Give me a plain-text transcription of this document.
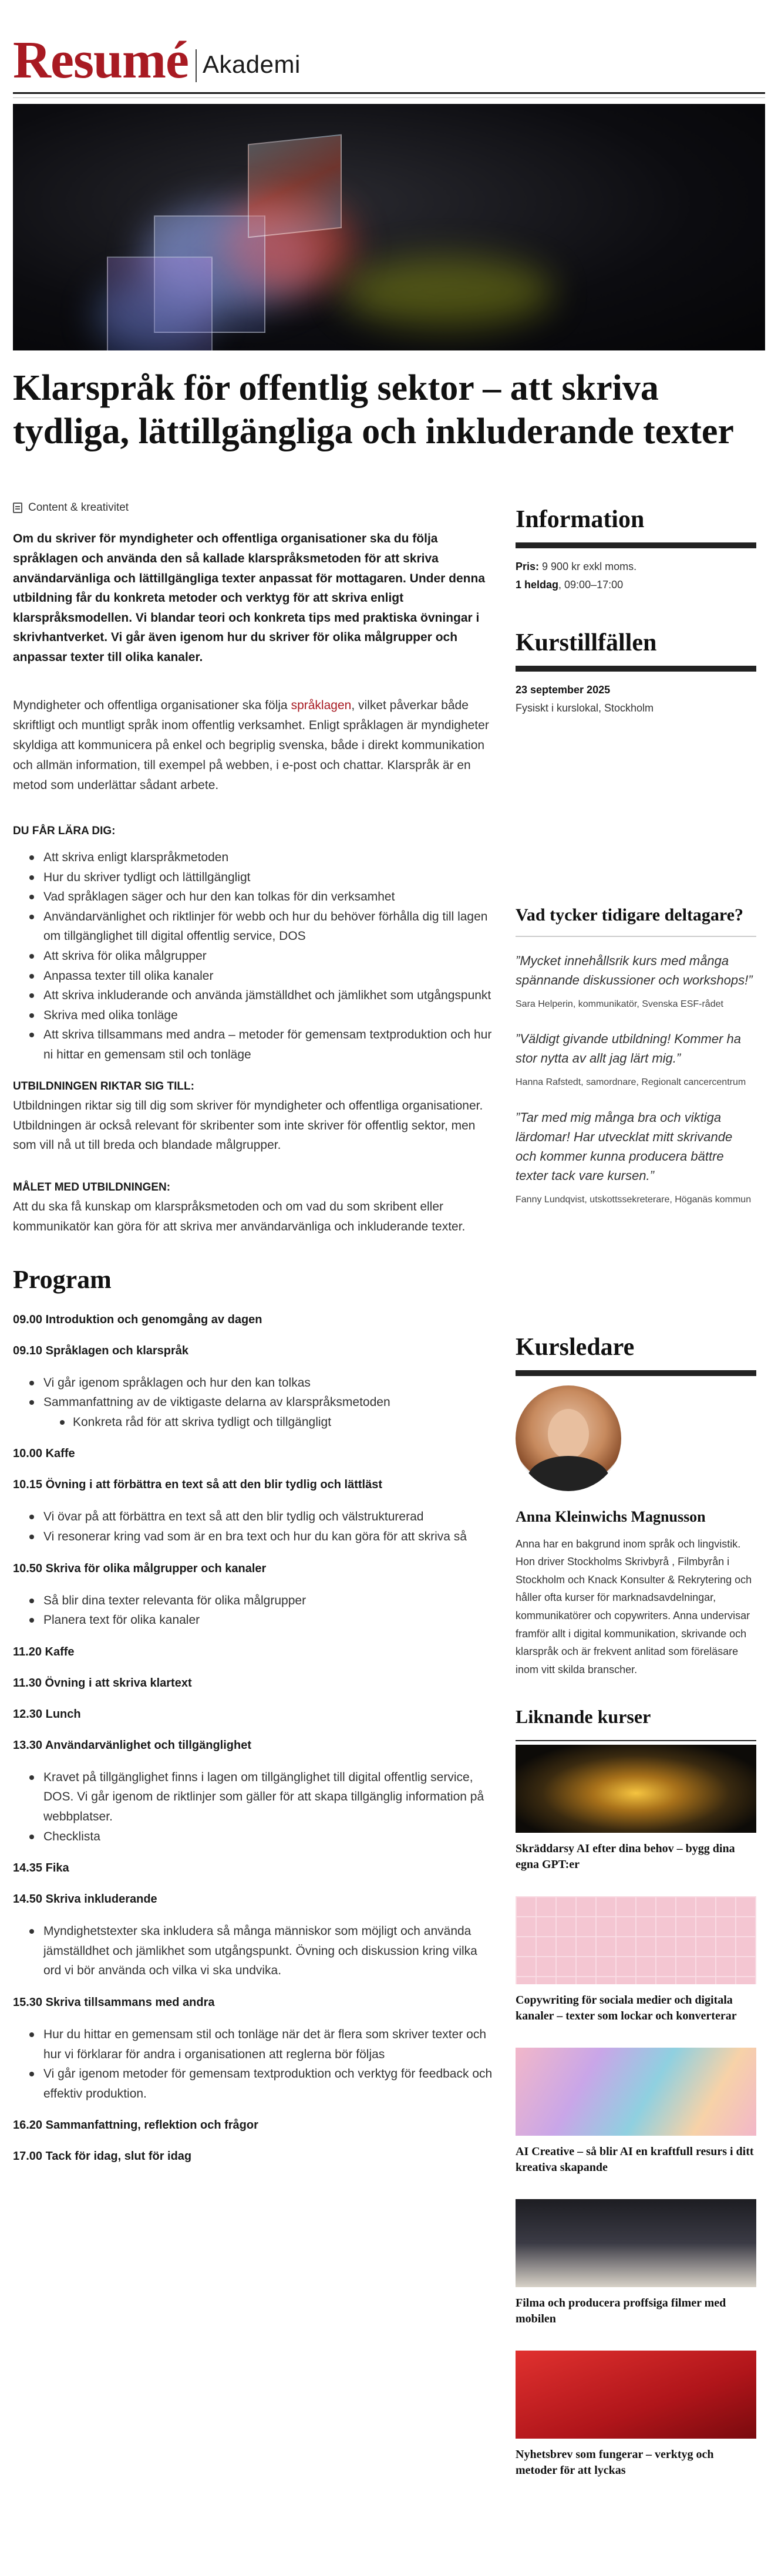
Resumé Akademi
Klarspråk för offentlig sektor – att skriva tydliga, lättillgängliga och inkluderande texter
Content & kreativitet

Om du skriver för myndigheter och offentliga organisationer ska du följa språklagen och använda den så kallade klarspråksmetoden för att skriva användarvänliga och lättillgängliga texter anpassat för mottagaren. Under denna utbildning får du konkreta metoder och verktyg för att skriva enligt klarspråksmodellen. Vi blandar teori och konkreta tips med praktiska övningar i skrivhantverket. Vi går även igenom hur du skriver för olika målgrupper och anpassar texter till olika kanaler.

Myndigheter och offentliga organisationer ska följa språklagen, vilket påverkar både skriftligt och muntligt språk inom offentlig verksamhet. Enligt språklagen är myndigheter skyldiga att kommunicera på enkel och begriplig svenska, både i direkt kommunikation och allmän information, till exempel på webben, i e-post och chattar. Klarspråk är en metod som underlättar sådant arbete.

DU FÅR LÄRA DIG:
Att skriva enligt klarspråkmetoden
Hur du skriver tydligt och lättillgängligt
Vad språklagen säger och hur den kan tolkas för din verksamhet
Användarvänlighet och riktlinjer för webb och hur du behöver förhålla dig till lagen om tillgänglighet till digital offentlig service, DOS
Att skriva för olika målgrupper
Anpassa texter till olika kanaler
Att skriva inkluderande och använda jämställdhet och jämlikhet som utgångspunkt
Skriva med olika tonläge
Att skriva tillsammans med andra – metoder för gemensam textproduktion och hur ni hittar en gemensam stil och tonläge
UTBILDNINGEN RIKTAR SIG TILL:

Utbildningen riktar sig till dig som skriver för myndigheter och offentliga organisationer. Utbildningen är också relevant för skribenter som inte skriver för offentlig sektor, men som vill nå ut till breda och blandade målgrupper.

MÅLET MED UTBILDNINGEN:

Att du ska få kunskap om klarspråksmetoden och om vad du som skribent eller kommunikatör kan göra för att skriva mer användarvänliga och inkluderande texter.

Program
09.00 Introduktion och genomgång av dagen
09.10 Språklagen och klarspråk
Vi går igenom språklagen och hur den kan tolkas
Sammanfattning av de viktigaste delarna av klarspråksmetoden
Konkreta råd för att skriva tydligt och tillgängligt
10.00 Kaffe
10.15 Övning i att förbättra en text så att den blir tydlig och lättläst
Vi övar på att förbättra en text så att den blir tydlig och välstrukturerad
Vi resonerar kring vad som är en bra text och hur du kan göra för att skriva så
10.50 Skriva för olika målgrupper och kanaler
Så blir dina texter relevanta för olika målgrupper
Planera text för olika kanaler
11.20 Kaffe
11.30 Övning i att skriva klartext
12.30 Lunch
13.30 Användarvänlighet och tillgänglighet
Kravet på tillgänglighet finns i lagen om tillgänglighet till digital offentlig service, DOS. Vi går igenom de riktlinjer som gäller för att skapa tillgänglig information på webbplatser.
Checklista
14.35 Fika
14.50 Skriva inkluderande
Myndighetstexter ska inkludera så många människor som möjligt och använda jämställdhet och jämlikhet som utgångspunkt. Övning och diskussion kring vilka ord vi bör använda och vilka vi ska undvika.
15.30 Skriva tillsammans med andra
Hur du hittar en gemensam stil och tonläge när det är flera som skriver texter och hur vi förklarar för andra i organisationen att reglerna bör följas
Vi går igenom metoder för gemensam textproduktion och verktyg för feedback och effektiv produktion.
16.20 Sammanfattning, reflektion och frågor
17.00 Tack för idag, slut för idag
Information
Pris: 9 900 kr exkl moms.
1 heldag, 09:00–17:00
Kurstillfällen
23 september 2025
Fysiskt i kurslokal, Stockholm
Vad tycker tidigare deltagare?

”Mycket innehållsrik kurs med många spännande diskussioner och workshops!”

Sara Helperin, kommunikatör, Svenska ESF-rådet

”Väldigt givande utbildning! Kommer ha stor nytta av allt jag lärt mig.”

Hanna Rafstedt, samordnare, Regionalt cancercentrum

”Tar med mig många bra och viktiga lärdomar! Har utvecklat mitt skrivande och kommer kunna producera bättre texter tack vare kursen.”

Fanny Lundqvist, utskottssekreterare, Höganäs kommun

Kursledare
Anna Kleinwichs Magnusson

Anna har en bakgrund inom språk och lingvistik. Hon driver Stockholms Skrivbyrå , Filmbyrån i Stockholm och Knack Konsulter & Rekrytering och håller ofta kurser för marknadsavdelningar, kommunikatörer och copywriters. Anna undervisar framför allt i digital kommunikation, skrivande och klarspråk och är frekvent anlitad som föreläsare inom vitt skilda branscher.

Liknande kurser
Skräddarsy AI efter dina behov – bygg dina egna GPT:er
Copywriting för sociala medier och digitala kanaler – texter som lockar och konverterar
AI Creative – så blir AI en kraftfull resurs i ditt kreativa skapande
Filma och producera proffsiga filmer med mobilen
Nyhetsbrev som fungerar – verktyg och metoder för att lyckas
